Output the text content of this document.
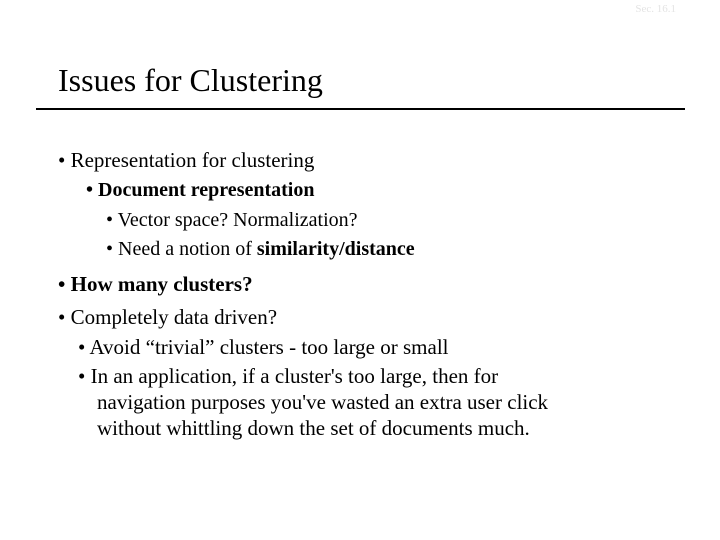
Sec. 16.1
Issues for Clustering
• Representation for clustering
• Document representation
• Vector space? Normalization?
• Need a notion of similarity/distance
• How many clusters?
• Completely data driven?
• Avoid “trivial” clusters - too large or small
• In an application, if a cluster's too large, then for
navigation purposes you've wasted an extra user click
without whittling down the set of documents much.
